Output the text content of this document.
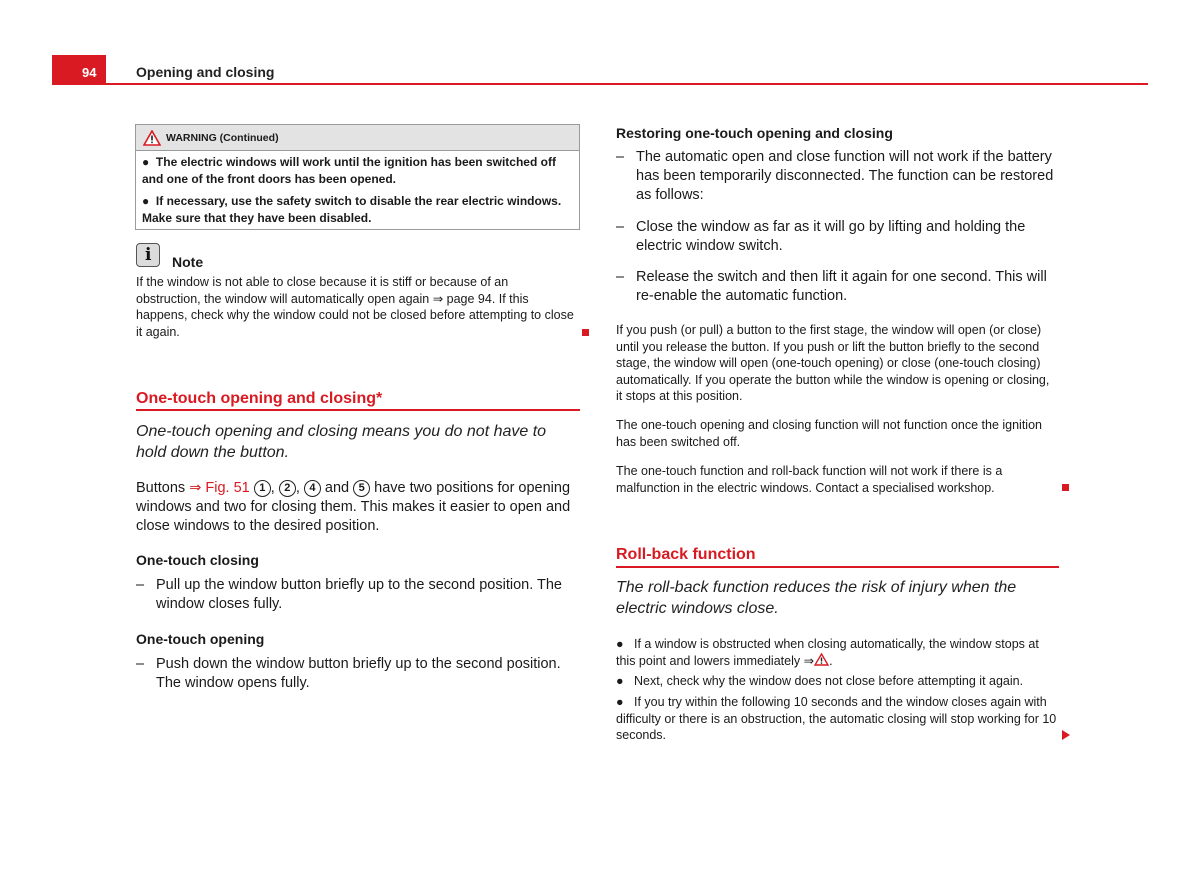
94	Opening and closing
WARNING (Continued)

● The electric windows will work until the ignition has been switched off and one of the front doors has been opened.

● If necessary, use the safety switch to disable the rear electric windows. Make sure that they have been disabled.

i Note
If the window is not able to close because it is stiff or because of an obstruction, the window will automatically open again ⇒ page 94. If this happens, check why the window could not be closed before attempting to close it again.
One-touch opening and closing*
One-touch opening and closing means you do not have to hold down the button.
Buttons ⇒ Fig. 51 1 , 2 , 4 and 5 have two positions for opening windows and two for closing them. This makes it easier to open and close windows to the desired position.
One-touch closing
– Pull up the window button briefly up to the second position. The window closes fully.
One-touch opening
– Push down the window button briefly up to the second position. The window opens fully.
Restoring one-touch opening and closing
– The automatic open and close function will not work if the battery has been temporarily disconnected. The function can be restored as follows:
– Close the window as far as it will go by lifting and holding the electric window switch.
– Release the switch and then lift it again for one second. This will re-enable the automatic function.
If you push (or pull) a button to the first stage, the window will open (or close) until you release the button. If you push or lift the button briefly to the second stage, the window will open (one-touch opening) or close (one-touch closing) automatically. If you operate the button while the window is opening or closing, it stops at this position.
The one-touch opening and closing function will not function once the ignition has been switched off.
The one-touch function and roll-back function will not work if there is a malfunction in the electric windows. Contact a specialised workshop.
Roll-back function
The roll-back function reduces the risk of injury when the electric windows close.
● If a window is obstructed when closing automatically, the window stops at this point and lowers immediately ⇒ .
● Next, check why the window does not close before attempting it again.
● If you try within the following 10 seconds and the window closes again with difficulty or there is an obstruction, the automatic closing will stop working for 10 seconds.
